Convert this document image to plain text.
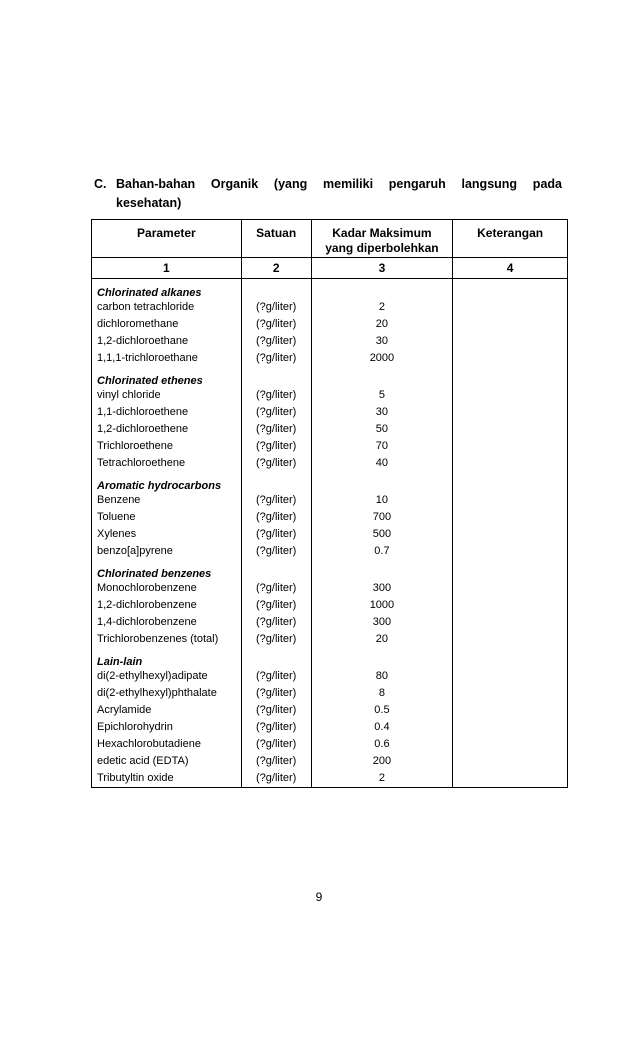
C. Bahan-bahan Organik (yang memiliki pengaruh langsung pada
kesehatan)
Parameter	Satuan	Kadar Maksimum yang diperbolehkan	Keterangan
1	2	3	4
Chlorinated alkanes			
carbon tetrachloride	(?g/liter)	2	
dichloromethane	(?g/liter)	20	
1,2-dichloroethane	(?g/liter)	30	
1,1,1-trichloroethane	(?g/liter)	2000	
Chlorinated ethenes			
vinyl chloride	(?g/liter)	5	
1,1-dichloroethene	(?g/liter)	30	
1,2-dichloroethene	(?g/liter)	50	
Trichloroethene	(?g/liter)	70	
Tetrachloroethene	(?g/liter)	40	
Aromatic hydrocarbons			
Benzene	(?g/liter)	10	
Toluene	(?g/liter)	700	
Xylenes	(?g/liter)	500	
benzo[a]pyrene	(?g/liter)	0.7	
Chlorinated benzenes			
Monochlorobenzene	(?g/liter)	300	
1,2-dichlorobenzene	(?g/liter)	1000	
1,4-dichlorobenzene	(?g/liter)	300	
Trichlorobenzenes (total)	(?g/liter)	20	
Lain-lain			
di(2-ethylhexyl)adipate	(?g/liter)	80	
di(2-ethylhexyl)phthalate	(?g/liter)	8	
Acrylamide	(?g/liter)	0.5	
Epichlorohydrin	(?g/liter)	0.4	
Hexachlorobutadiene	(?g/liter)	0.6	
edetic acid (EDTA)	(?g/liter)	200	
Tributyltin oxide	(?g/liter)	2	
9
